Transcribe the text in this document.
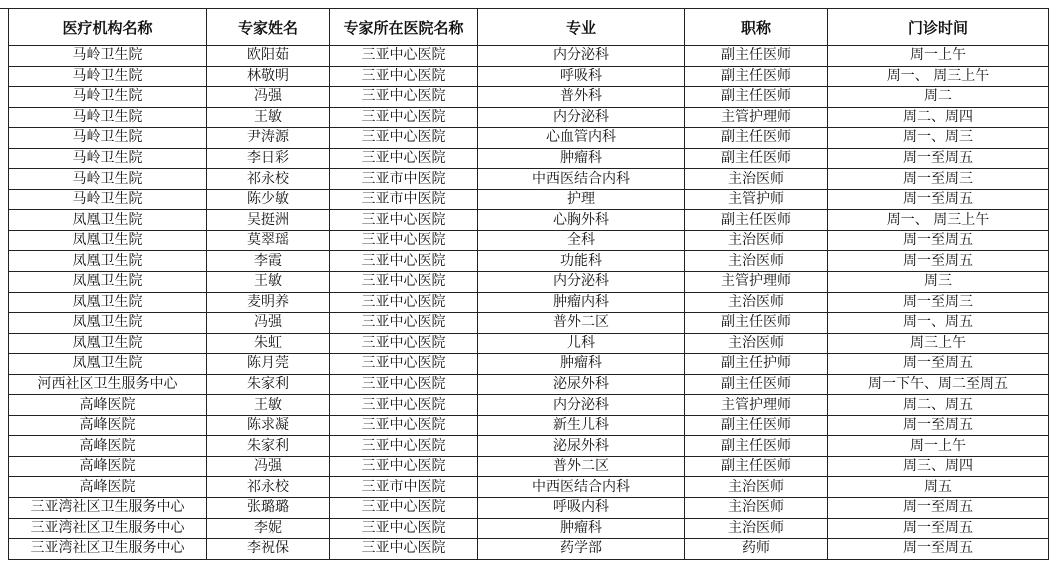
医疗机构名称	专家姓名	专家所在医院名称	专业	职称	门诊时间
马岭卫生院	欧阳茹	三亚中心医院	内分泌科	副主任医师	周一上午
马岭卫生院	林敬明	三亚中心医院	呼吸科	副主任医师	周一、 周三上午
马岭卫生院	冯强	三亚中心医院	普外科	副主任医师	周二
马岭卫生院	王敏	三亚中心医院	内分泌科	主管护理师	周二、周四
马岭卫生院	尹涛源	三亚中心医院	心血管内科	副主任医师	周一、周三
马岭卫生院	李日彩	三亚中心医院	肿瘤科	副主任医师	周一至周五
马岭卫生院	祁永校	三亚市中医院	中西医结合内科	主治医师	周一至周三
马岭卫生院	陈少敏	三亚市中医院	护理	主管护师	周一至周五
凤凰卫生院	吴挺洲	三亚中心医院	心胸外科	副主任医师	周一、 周三上午
凤凰卫生院	莫翠瑶	三亚中心医院	全科	主治医师	周一至周五
凤凰卫生院	李霞	三亚中心医院	功能科	主治医师	周一至周五
凤凰卫生院	王敏	三亚中心医院	内分泌科	主管护理师	周三
凤凰卫生院	麦明养	三亚中心医院	肿瘤内科	主治医师	周一至周三
凤凰卫生院	冯强	三亚中心医院	普外二区	副主任医师	周一、周五
凤凰卫生院	朱虹	三亚中心医院	儿科	主治医师	周三上午
凤凰卫生院	陈月莞	三亚中心医院	肿瘤科	副主任护师	周一至周五
河西社区卫生服务中心	朱家利	三亚中心医院	泌尿外科	副主任医师	周一下午、周二至周五
高峰医院	王敏	三亚中心医院	内分泌科	主管护理师	周二、周五
高峰医院	陈求凝	三亚中心医院	新生儿科	副主任医师	周一至周五
高峰医院	朱家利	三亚中心医院	泌尿外科	副主任医师	周一上午
高峰医院	冯强	三亚中心医院	普外二区	副主任医师	周三、周四
高峰医院	祁永校	三亚市中医院	中西医结合内科	主治医师	周五
三亚湾社区卫生服务中心	张璐璐	三亚中心医院	呼吸内科	主治医师	周一至周五
三亚湾社区卫生服务中心	李妮	三亚中心医院	肿瘤科	主治医师	周一至周五
三亚湾社区卫生服务中心	李祝保	三亚中心医院	药学部	药师	周一至周五
